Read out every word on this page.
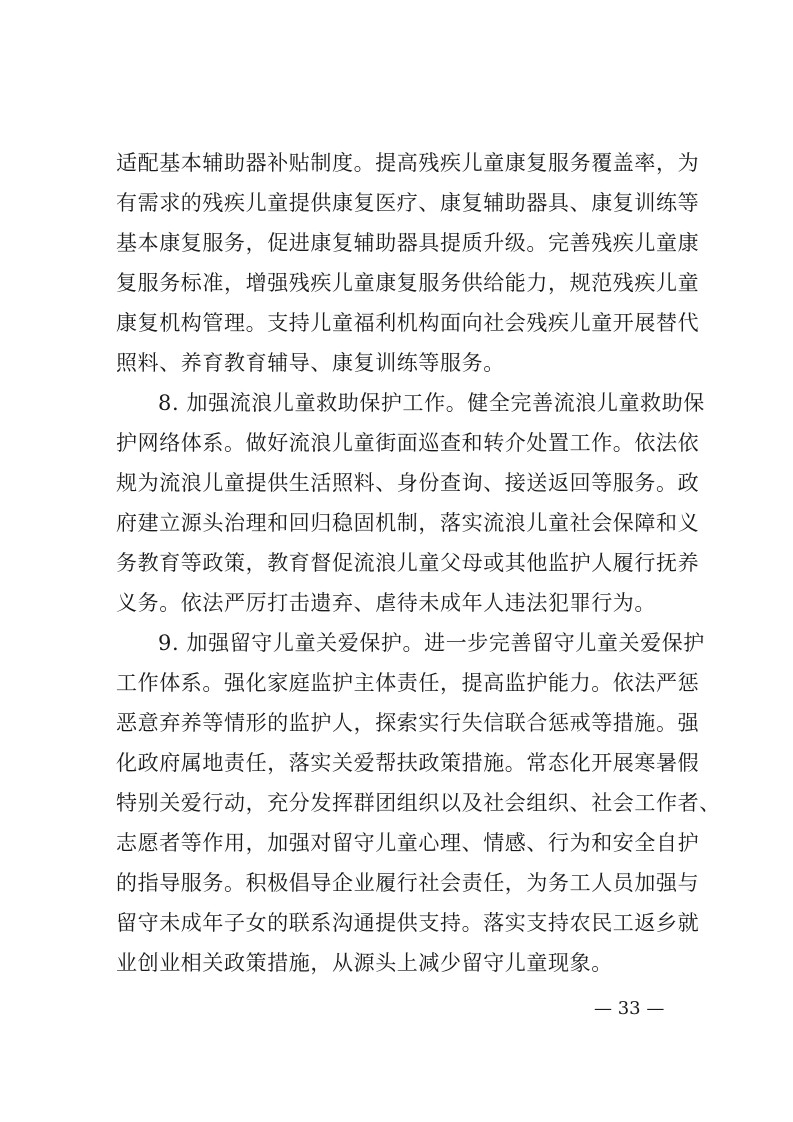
适配基本辅助器补贴制度。提高残疾儿童康复服务覆盖率，为
有需求的残疾儿童提供康复医疗、康复辅助器具、康复训练等
基本康复服务，促进康复辅助器具提质升级。完善残疾儿童康
复服务标准，增强残疾儿童康复服务供给能力，规范残疾儿童
康复机构管理。支持儿童福利机构面向社会残疾儿童开展替代
照料、养育教育辅导、康复训练等服务。
8. 加强流浪儿童救助保护工作。健全完善流浪儿童救助保
护网络体系。做好流浪儿童街面巡查和转介处置工作。依法依
规为流浪儿童提供生活照料、身份查询、接送返回等服务。政
府建立源头治理和回归稳固机制，落实流浪儿童社会保障和义
务教育等政策，教育督促流浪儿童父母或其他监护人履行抚养
义务。依法严厉打击遗弃、虐待未成年人违法犯罪行为。
9. 加强留守儿童关爱保护。进一步完善留守儿童关爱保护
工作体系。强化家庭监护主体责任，提高监护能力。依法严惩
恶意弃养等情形的监护人，探索实行失信联合惩戒等措施。强
化政府属地责任，落实关爱帮扶政策措施。常态化开展寒暑假
特别关爱行动，充分发挥群团组织以及社会组织、社会工作者、
志愿者等作用，加强对留守儿童心理、情感、行为和安全自护
的指导服务。积极倡导企业履行社会责任，为务工人员加强与
留守未成年子女的联系沟通提供支持。落实支持农民工返乡就
业创业相关政策措施，从源头上减少留守儿童现象。
— 33 —
